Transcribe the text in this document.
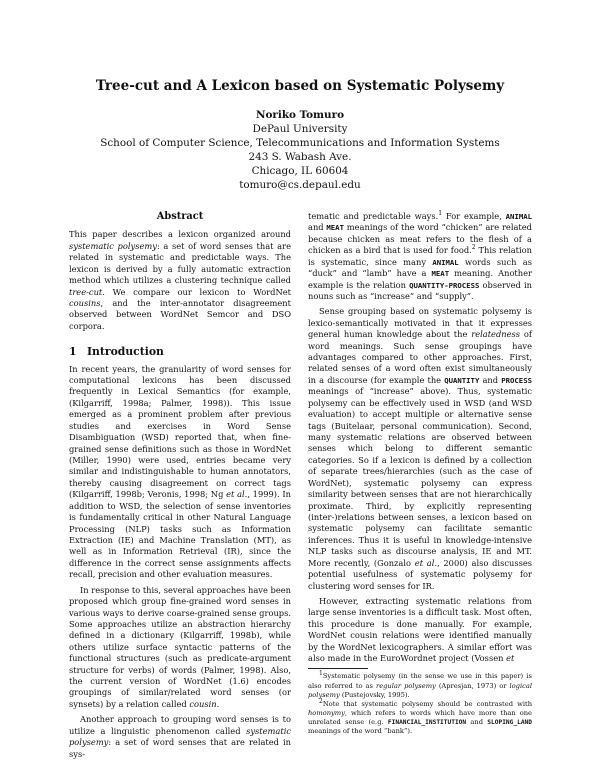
Tree-cut and A Lexicon based on Systematic Polysemy
Noriko Tomuro
DePaul University
School of Computer Science, Telecommunications and Information Systems
243 S. Wabash Ave.
Chicago, IL 60604
tomuro@cs.depaul.edu
Abstract

This paper describes a lexicon organized around systematic polysemy: a set of word senses that are related in systematic and predictable ways. The lexicon is derived by a fully automatic extraction method which utilizes a clustering technique called tree-cut. We compare our lexicon to WordNet cousins, and the inter-annotator disagreement observed between WordNet Semcor and DSO corpora.

1 Introduction

In recent years, the granularity of word senses for computational lexicons has been discussed frequently in Lexical Semantics (for example, (Kilgarriff, 1998a; Palmer, 1998)). This issue emerged as a prominent problem after previous studies and exercises in Word Sense Disambiguation (WSD) reported that, when fine-grained sense definitions such as those in WordNet (Miller, 1990) were used, entries became very similar and indistinguishable to human annotators, thereby causing disagreement on correct tags (Kilgarriff, 1998b; Veronis, 1998; Ng et al., 1999). In addition to WSD, the selection of sense inventories is fundamentally critical in other Natural Language Processing (NLP) tasks such as Information Extraction (IE) and Machine Translation (MT), as well as in Information Retrieval (IR), since the difference in the correct sense assignments affects recall, precision and other evaluation measures.

In response to this, several approaches have been proposed which group fine-grained word senses in various ways to derive coarse-grained sense groups. Some approaches utilize an abstraction hierarchy defined in a dictionary (Kilgarriff, 1998b), while others utilize surface syntactic patterns of the functional structures (such as predicate-argument structure for verbs) of words (Palmer, 1998). Also, the current version of WordNet (1.6) encodes groupings of similar/related word senses (or synsets) by a relation called cousin.

Another approach to grouping word senses is to utilize a linguistic phenomenon called systematic polysemy: a set of word senses that are related in sys-

tematic and predictable ways.$^1$ For example, ANIMAL and MEAT meanings of the word “chicken” are related because chicken as meat refers to the flesh of a chicken as a bird that is used for food.$^2$ This relation is systematic, since many ANIMAL words such as “duck” and “lamb” have a MEAT meaning. Another example is the relation QUANTITY-PROCESS observed in nouns such as “increase” and “supply”.

Sense grouping based on systematic polysemy is lexico-semantically motivated in that it expresses general human knowledge about the relatedness of word meanings. Such sense groupings have advantages compared to other approaches. First, related senses of a word often exist simultaneously in a discourse (for example the QUANTITY and PROCESS meanings of “increase” above). Thus, systematic polysemy can be effectively used in WSD (and WSD evaluation) to accept multiple or alternative sense tags (Buitelaar, personal communication). Second, many systematic relations are observed between senses which belong to different semantic categories. So if a lexicon is defined by a collection of separate trees/hierarchies (such as the case of WordNet), systematic polysemy can express similarity between senses that are not hierarchically proximate. Third, by explicitly representing (inter-)relations between senses, a lexicon based on systematic polysemy can facilitate semantic inferences. Thus it is useful in knowledge-intensive NLP tasks such as discourse analysis, IE and MT. More recently, (Gonzalo et al., 2000) also discusses potential usefulness of systematic polysemy for clustering word senses for IR.

However, extracting systematic relations from large sense inventories is a difficult task. Most often, this procedure is done manually. For example, WordNet cousin relations were identified manually by the WordNet lexicographers. A similar effort was also made in the EuroWordnet project (Vossen et

$^1$Systematic polysemy (in the sense we use in this paper) is also referred to as regular polysemy (Apresjan, 1973) or logical polysemy (Pustejovsky, 1995).

$^2$Note that systematic polysemy should be contrasted with homonymy, which refers to words which have more than one unrelated sense (e.g. FINANCIAL_INSTITUTION and SLOPING_LAND meanings of the word “bank”).
